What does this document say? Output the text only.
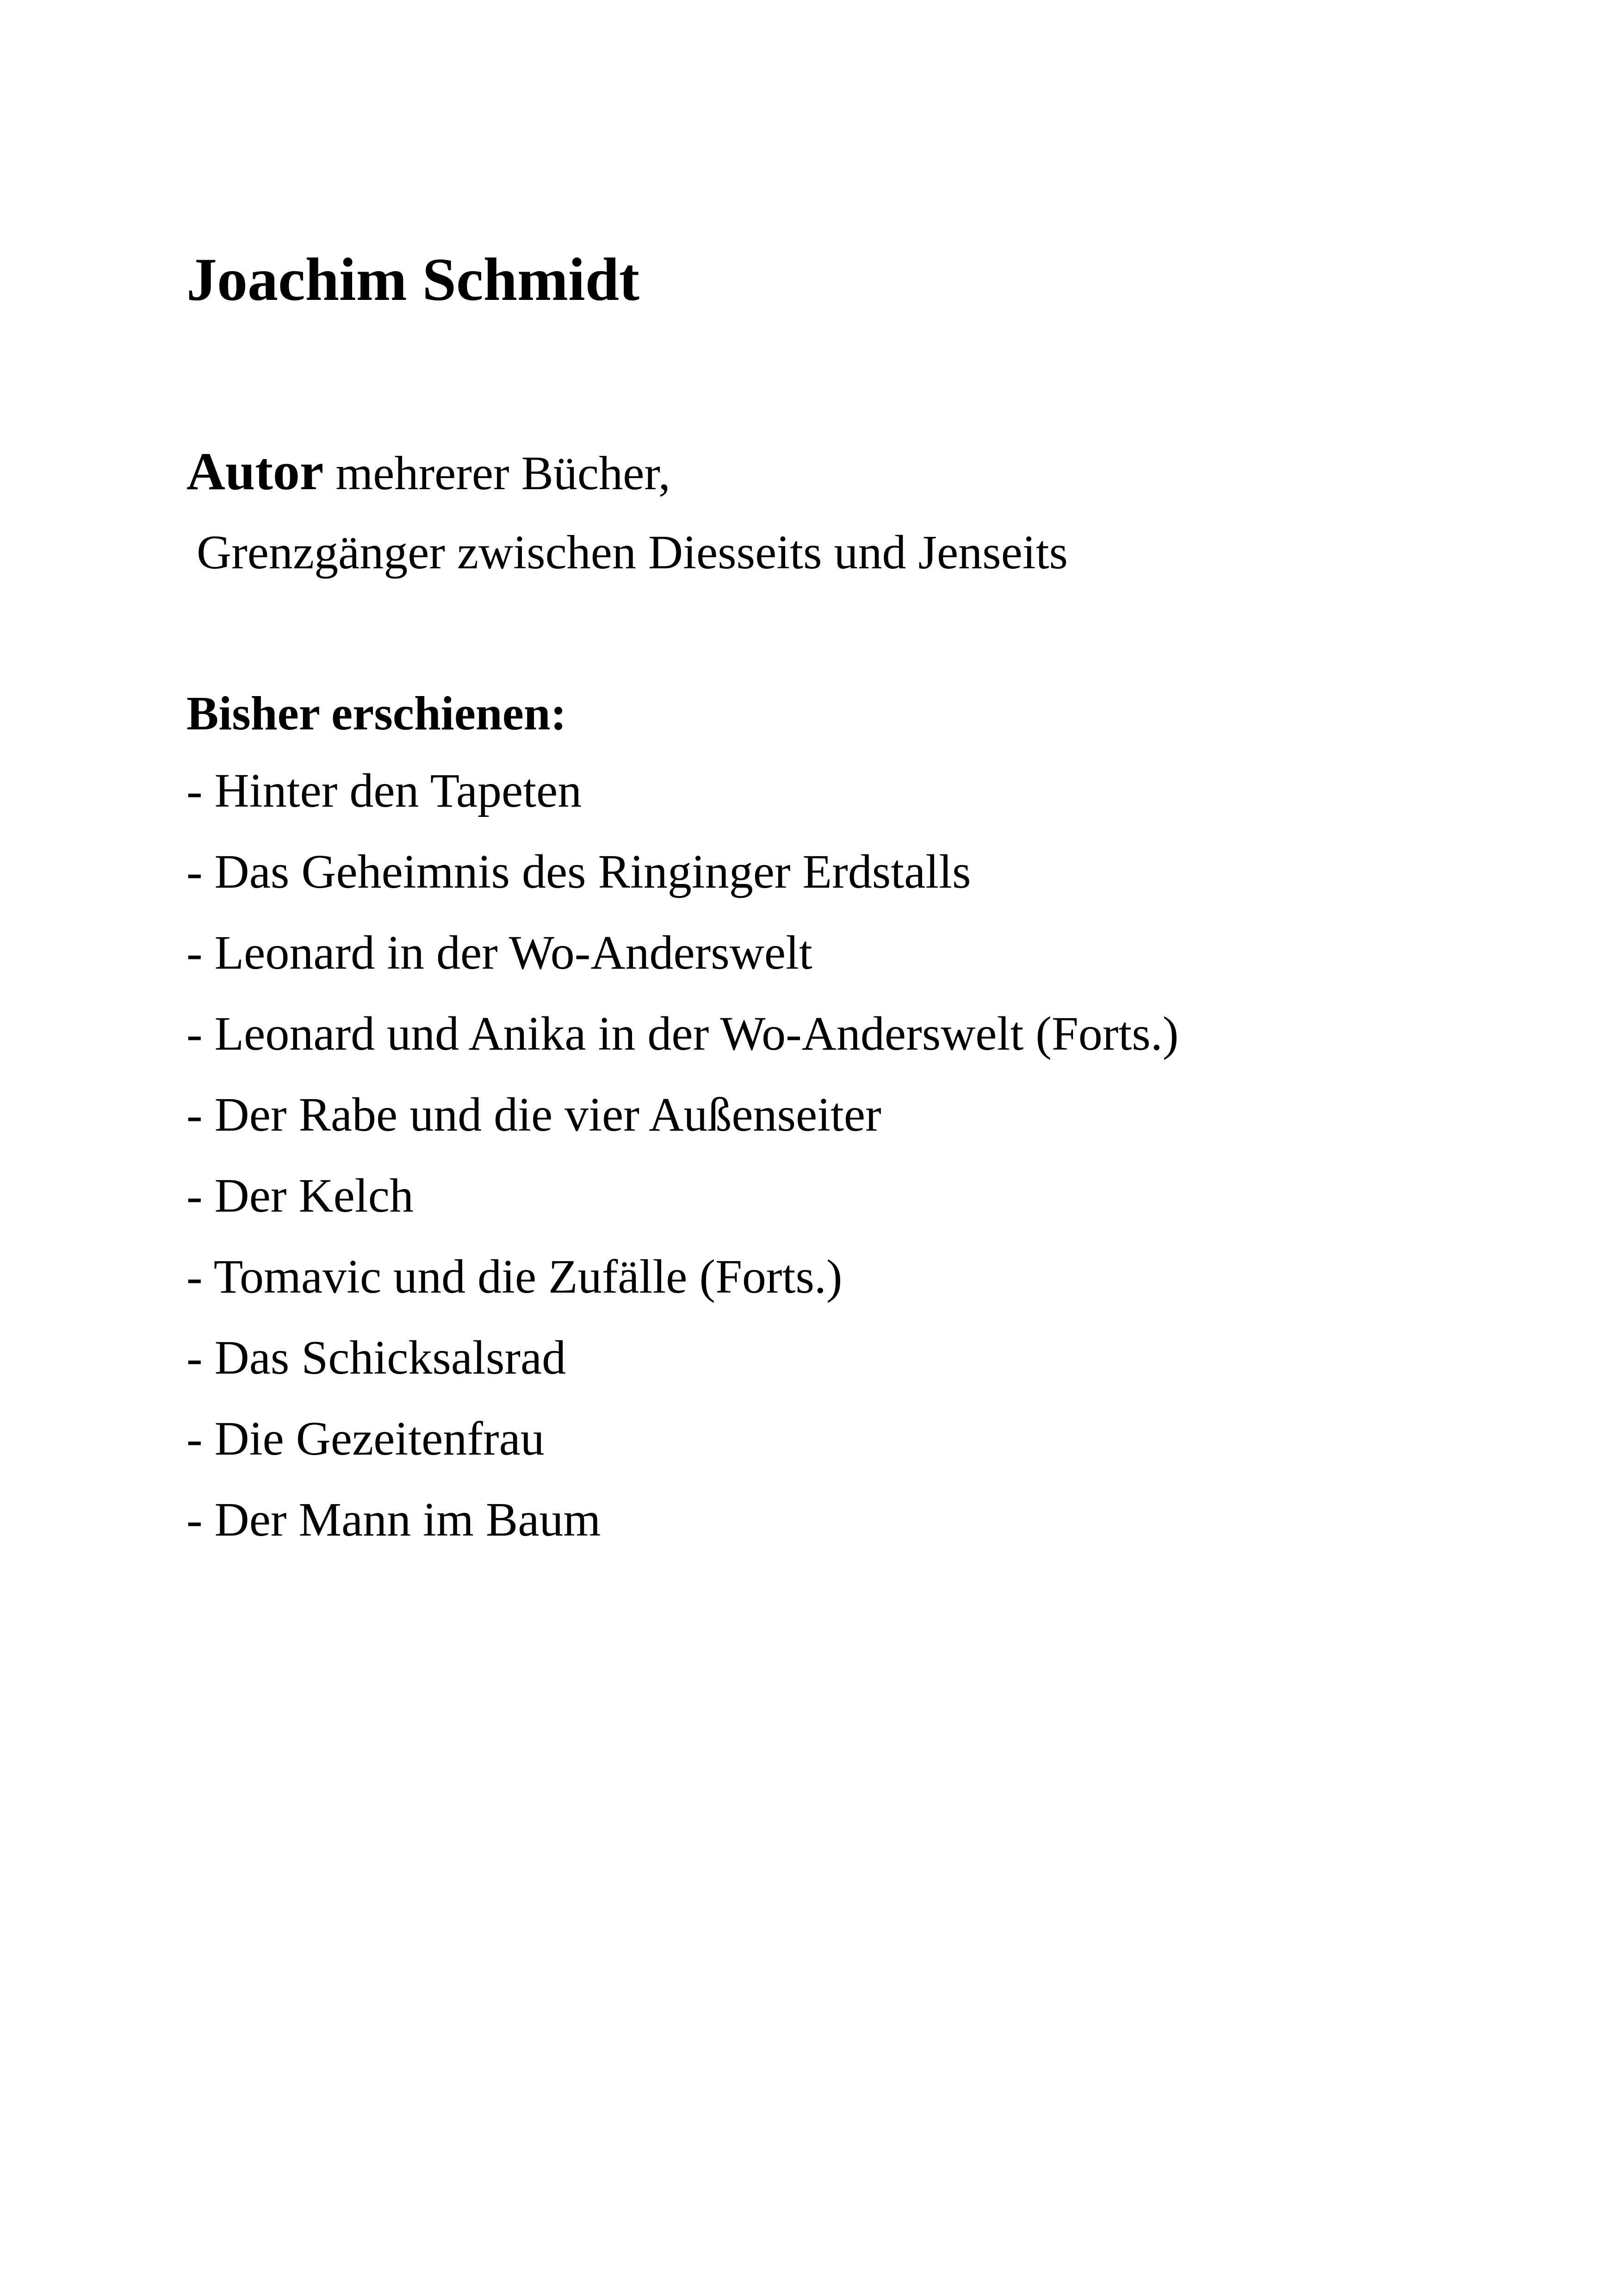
Joachim Schmidt

Autor mehrerer Bücher,

Grenzgänger zwischen Diesseits und Jenseits

Bisher erschienen:
- Hinter den Tapeten
- Das Geheimnis des Ringinger Erdstalls
- Leonard in der Wo-Anderswelt
- Leonard und Anika in der Wo-Anderswelt (Forts.)
- Der Rabe und die vier Außenseiter
- Der Kelch
- Tomavic und die Zufälle (Forts.)
- Das Schicksalsrad
- Die Gezeitenfrau
- Der Mann im Baum
